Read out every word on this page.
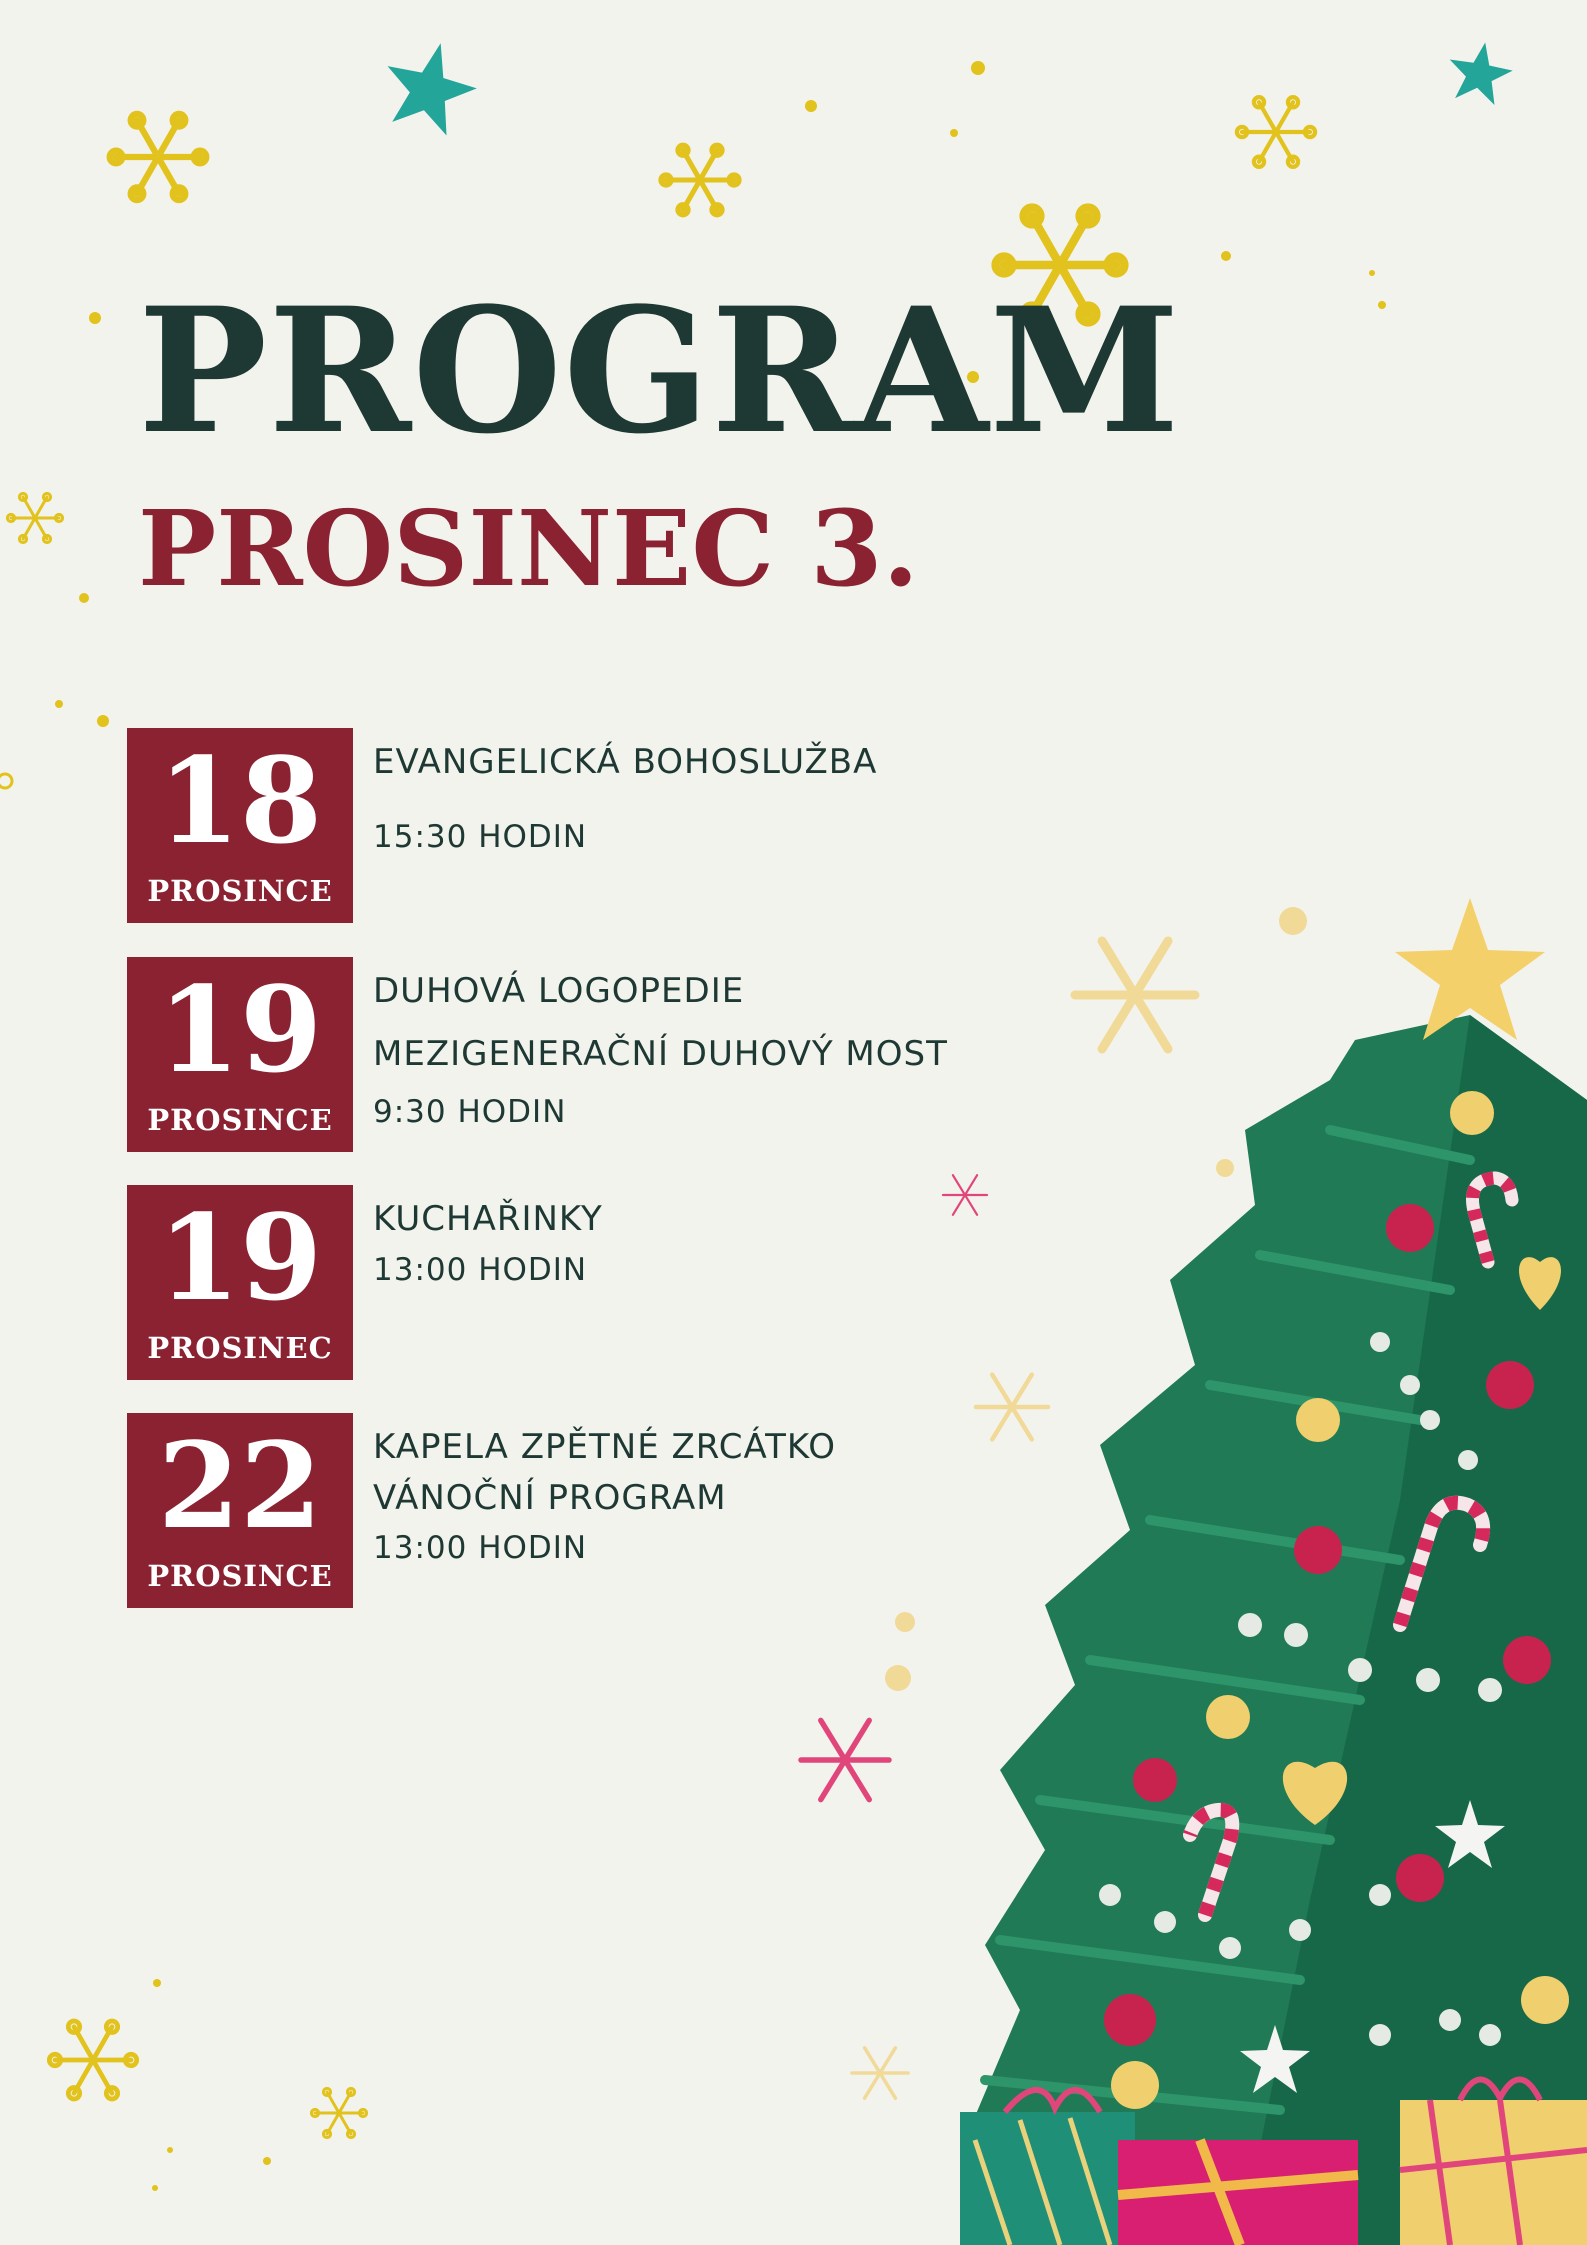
PROGRAM
PROSINEC 3.
18
PROSINCE
EVANGELICKÁ BOHOSLUŽBA
15:30 HODIN
19
PROSINCE
DUHOVÁ LOGOPEDIE
MEZIGENERAČNÍ DUHOVÝ MOST
9:30 HODIN
19
PROSINEC
KUCHAŘINKY
13:00 HODIN
22
PROSINCE
KAPELA ZPĚTNÉ ZRCÁTKO
VÁNOČNÍ PROGRAM
13:00 HODIN
